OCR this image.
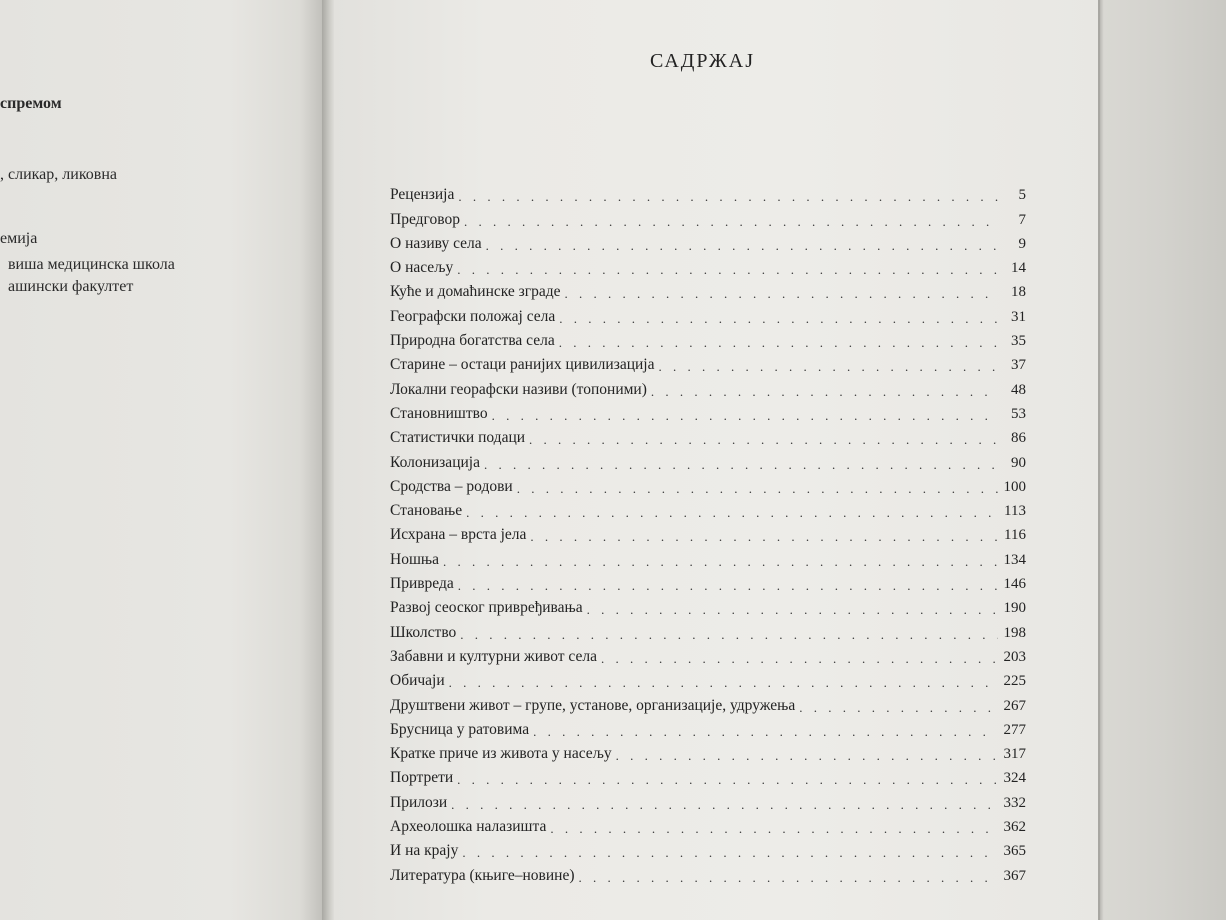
спремом
, сликар, ликовна
емија
виша медицинска школа
ашински факултет
САДРЖАЈ
Рецензија . . .	5
Предговор . . .	7
О називу села . . .	9
О насељу . . .	14
Куће и домаћинске зграде . . .	18
Географски положај села . . .	31
Природна богатства села . . .	35
Старине – остаци ранијих цивилизација . . .	37
Локални георафски називи (топоними) . . .	48
Становништво . . .	53
Статистички подаци . . .	86
Колонизација . . .	90
Сродства – родови . . .	100
Становање . . .	113
Исхрана – врста јела . . .	116
Ношња . . .	134
Привреда . . .	146
Развој сеоског привређивања . . .	190
Школство . . .	198
Забавни и културни живот села . . .	203
Обичаји . . .	225
Друштвени живот – групе, установе, организације, удружења . . .	267
Брусница у ратовима . . .	277
Кратке приче из живота у насељу . . .	317
Портрети . . .	324
Прилози . . .	332
Археолошка налазишта . . .	362
И на крају . . .	365
Литература (књиге–новине) . . .	367
